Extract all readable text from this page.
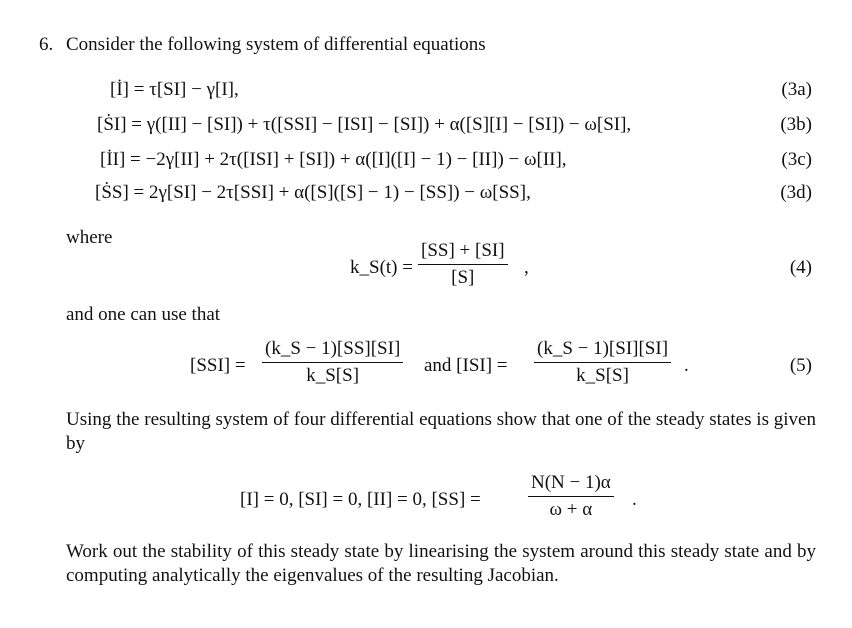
6. Consider the following system of differential equations
[İ] = τ[SI] − γ[I],	(3a)
[ṠI] = γ([II] − [SI]) + τ([SSI] − [ISI] − [SI]) + α([S][I] − [SI]) − ω[SI],	(3b)
[İI] = −2γ[II] + 2τ([ISI] + [SI]) + α([I]([I] − 1) − [II]) − ω[II],	(3c)
[ṠS] = 2γ[SI] − 2τ[SSI] + α([S]([S] − 1) − [SS]) − ω[SS],	(3d)
where
k_S(t) =
[SS] + [SI]
[S]	,	(4)
and one can use that
[SSI] =
(k_S − 1)[SS][SI]
k_S[S]	and [ISI] =
(k_S − 1)[SI][SI]
k_S[S]	.	(5)
Using the resulting system of four differential equations show that one of the steady states is given by
[I] = 0, [SI] = 0, [II] = 0, [SS] =
N(N − 1)α
ω + α .
Work out the stability of this steady state by linearising the system around this steady state and by computing analytically the eigenvalues of the resulting Jacobian.
